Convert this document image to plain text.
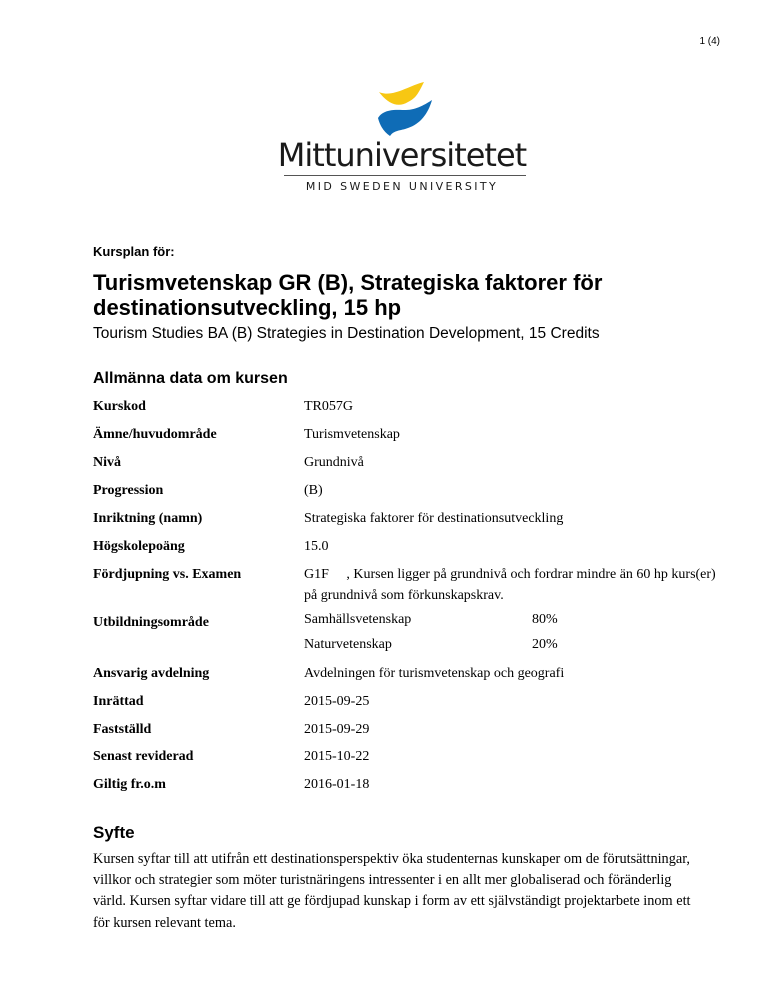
1 (4)
Mittuniversitetet
MID SWEDEN UNIVERSITY
Kursplan för:
Turismvetenskap GR (B), Strategiska faktorer för destinationsutveckling, 15 hp
Tourism Studies BA (B) Strategies in Destination Development, 15 Credits
Allmänna data om kursen
Kurskod	TR057G
Ämne/huvudområde	Turismvetenskap
Nivå	Grundnivå
Progression	(B)
Inriktning (namn)	Strategiska faktorer för destinationsutveckling
Högskolepoäng	15.0
Fördjupning vs. Examen	G1F     , Kursen ligger på grundnivå och fordrar mindre än 60 hp kurs(er) på grundnivå som förkunskapskrav.
Utbildningsområde	Samhällsvetenskap	80%
Naturvetenskap	20%
Ansvarig avdelning	Avdelningen för turismvetenskap och geografi
Inrättad	2015-09-25
Fastställd	2015-09-29
Senast reviderad	2015-10-22
Giltig fr.o.m	2016-01-18
Syfte
Kursen syftar till att utifrån ett destinationsperspektiv öka studenternas kunskaper om de förutsättningar, villkor och strategier som möter turistnäringens intressenter i en allt mer globaliserad och föränderlig värld. Kursen syftar vidare till att ge fördjupad kunskap i form av ett självständigt projektarbete inom ett för kursen relevant tema.
